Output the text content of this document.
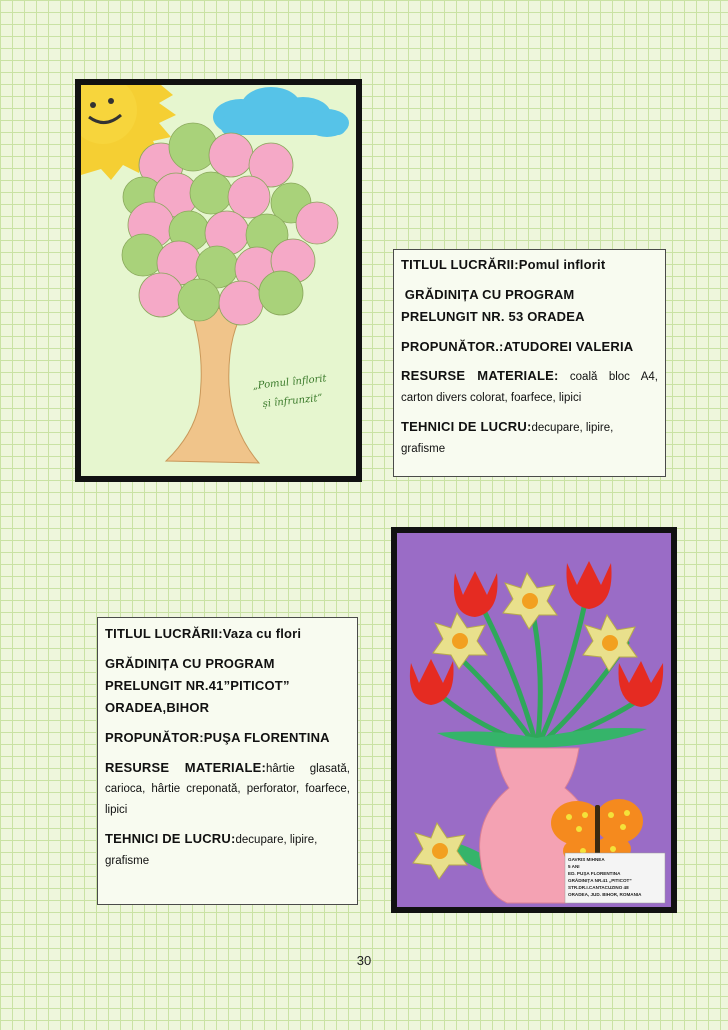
„Pomul înflorit
și înfrunzit”

TITLUL LUCRĂRII:Pomul inflorit

GRĂDINIȚA CU PROGRAM
PRELUNGIT NR. 53 ORADEA

PROPUNĂTOR.:ATUDOREI VALERIA

RESURSE MATERIALE: coală bloc A4, carton divers colorat, foarfece, lipici

TEHNICI DE LUCRU:decupare, lipire, grafisme

GAVRIS MIHNEA
5 ANI
ED. PUȘA FLORENTINA
GRĂDINIȚA NR.41 „PITICOT”
STR.DR.I.CANTACUZINO 48
ORADEA, JUD. BIHOR, ROMANIA

TITLUL LUCRĂRII:Vaza cu flori

GRĂDINIȚA CU PROGRAM
PRELUNGIT NR.41”PITICOT”
ORADEA,BIHOR

PROPUNĂTOR:PUŞA FLORENTINA

RESURSE MATERIALE:hârtie glasată, carioca, hârtie creponată, perforator, foarfece, lipici

TEHNICI DE LUCRU:decupare, lipire, grafisme

30
